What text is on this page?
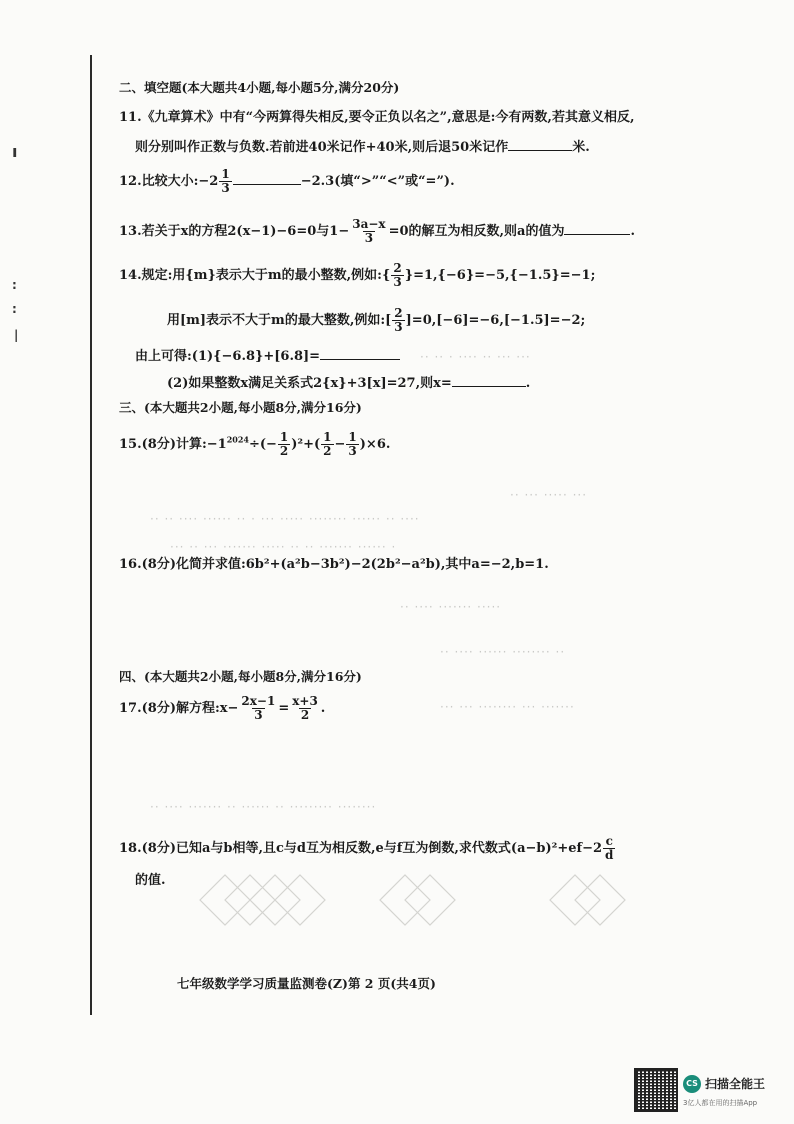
·· ·· · ···· ·· ··· ···
·· ··· ····· ···
·· ·· ···· ······ ·· · ··· ····· ········ ······ ·· ····
··· ·· ··· ······· ····· ·· ·· ······· ······ ·
·· ···· ······· ·····
·· ···· ······ ········ ··
··· ··· ········ ··· ·······
·· ···· ······· ·· ······ ·· ········· ········
ı
:
:
|
二、填空题(本大题共4小题,每小题5分,满分20分)
11.《九章算术》中有“今两算得失相反,要令正负以名之”,意思是:今有两数,若其意义相反,
则分别叫作正数与负数.若前进40米记作+40米,则后退50米记作	米.
12.比较大小:−2 $\frac{1}{3}$	−2.3(填“>”“<”或“=”).
13.若关于x的方程2(x−1)−6=0与$1- \frac{3a-x}{3} =0$的解互为相反数,则a的值为	.
14.规定:用{m}表示大于m的最小整数,例如:{ $\frac{2}{3} \}=1,\{-6\}=-5,\{-1.5\}=-1$;
用[m]表示不大于m的最大整数,例如:[ $\frac{2}{3} ]=0,[-6]=-6,[-1.5]=-2$;
由上可得:(1){−6.8}+[6.8]=
(2)如果整数x满足关系式2{x}+3[x]=27,则x=	.
三、(本大题共2小题,每小题8分,满分16分)
15.(8分)计算$:-1^{2024}\div(- \frac{1}{2} )^2+( \frac{1}{2} - \frac{1}{3} )\times 6$.
16.(8分)化简并求值:6b²+(a²b−3b²)−2(2b²−a²b),其中a=−2,b=1.
四、(本大题共2小题,每小题8分,满分16分)
17.(8分)解方程:x− $\frac{2x-1}{3} = \frac{x+3}{2}$ .
18.(8分)已知a与b相等,且c与d互为相反数,e与f互为倒数,求代数式$(a-b)^2+ef-2 \frac{c}{d}$
的值.
七年级数学学习质量监测卷(Z)第 2 页(共4页)
CS 扫描全能王
3亿人都在用的扫描App
